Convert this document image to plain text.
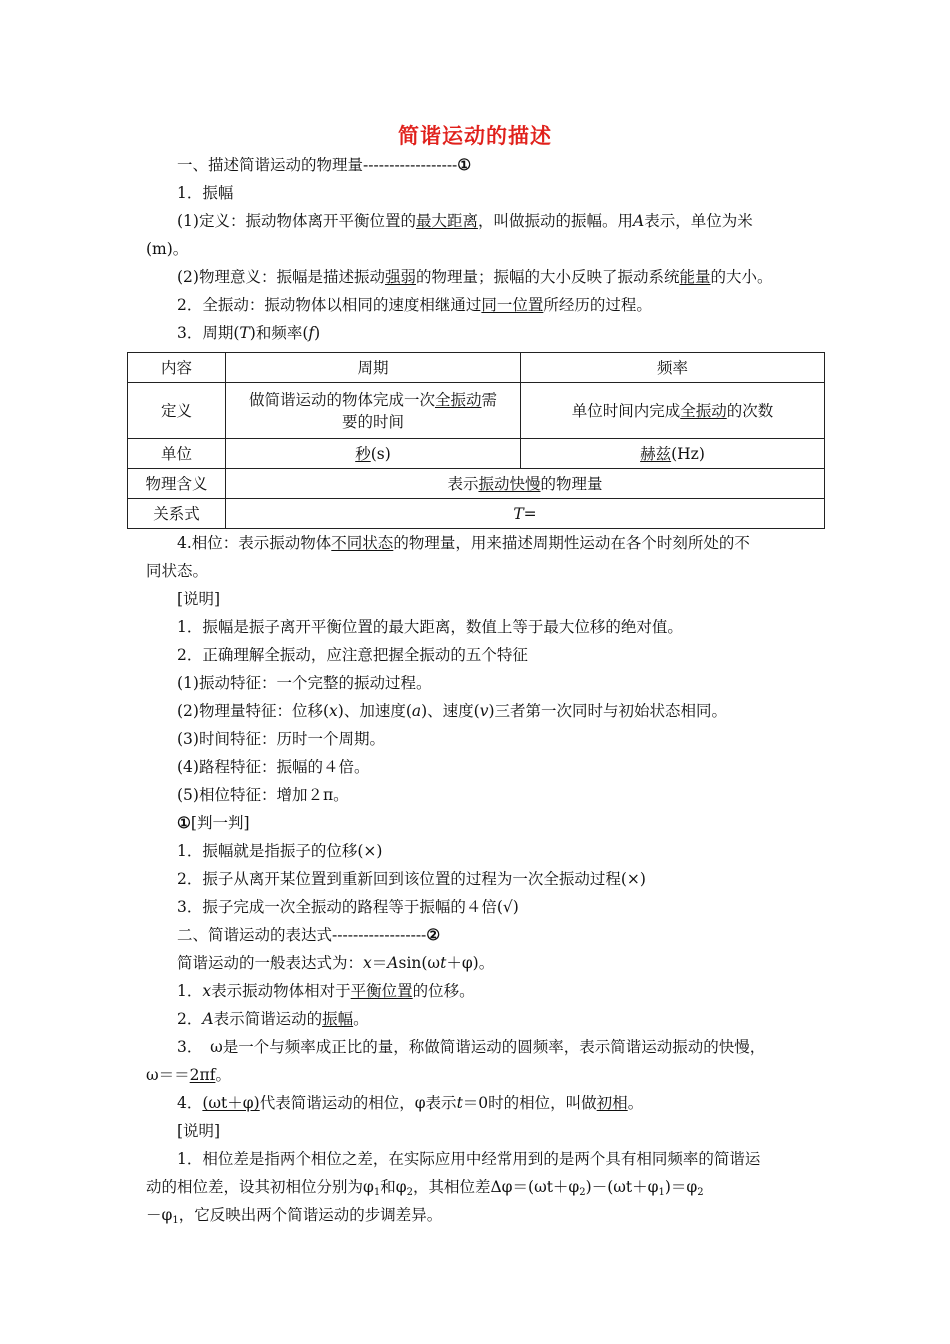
简谐运动的描述
一、描述简谐运动的物理量------------------①
1．振幅
(1)定义：振动物体离开平衡位置的最大距离，叫做振动的振幅。用A表示，单位为米
(m)。
(2)物理意义：振幅是描述振动强弱的物理量；振幅的大小反映了振动系统能量的大小。
2．全振动：振动物体以相同的速度相继通过同一位置所经历的过程。
3．周期(T)和频率(f)
内容	周期	频率
定义	做简谐运动的物体完成一次全振动需
要的时间	单位时间内完成全振动的次数
单位	秒(s)	赫兹(Hz)
物理含义	表示振动快慢的物理量	
关系式	T=	
4.相位：表示振动物体不同状态的物理量，用来描述周期性运动在各个时刻所处的不
同状态。
[说明]
1．振幅是振子离开平衡位置的最大距离，数值上等于最大位移的绝对值。
2．正确理解全振动，应注意把握全振动的五个特征
(1)振动特征：一个完整的振动过程。
(2)物理量特征：位移(x)、加速度(a)、速度(v)三者第一次同时与初始状态相同。
(3)时间特征：历时一个周期。
(4)路程特征：振幅的４倍。
(5)相位特征：增加２π。
①[判一判]
1．振幅就是指振子的位移(×)
2．振子从离开某位置到重新回到该位置的过程为一次全振动过程(×)
3．振子完成一次全振动的路程等于振幅的４倍(√)
二、简谐运动的表达式------------------②
简谐运动的一般表达式为：x＝Asin(ωt＋φ)。
1．x表示振动物体相对于平衡位置的位移。
2．A表示简谐运动的振幅。
3．　ω是一个与频率成正比的量，称做简谐运动的圆频率，表示简谐运动振动的快慢，
ω＝＝2πf。
4．(ωt＋φ)代表简谐运动的相位，φ表示t＝0时的相位，叫做初相。
[说明]
1．相位差是指两个相位之差，在实际应用中经常用到的是两个具有相同频率的简谐运
动的相位差，设其初相位分别为$\varphi_1$和$\varphi_2$，其相位差$\Delta\varphi=(\omega t+\varphi_2)-(\omega t+\varphi_1)=\varphi_2$
$-\varphi_1$，它反映出两个简谐运动的步调差异。
